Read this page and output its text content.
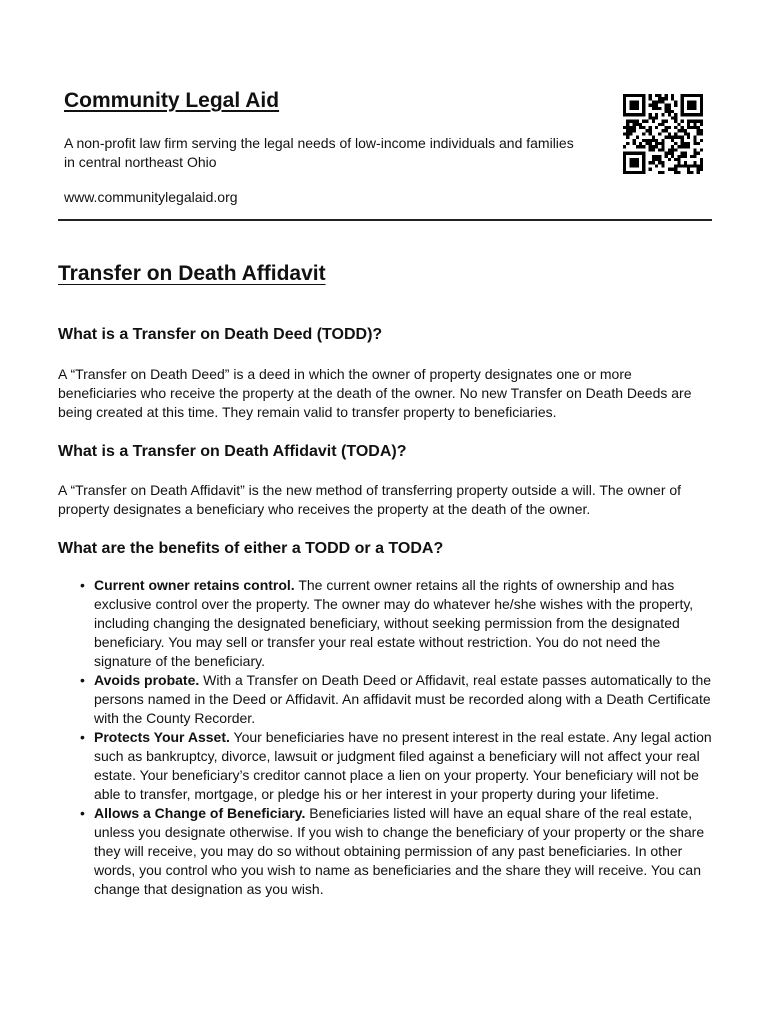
Community Legal Aid

A non-profit law firm serving the legal needs of low-income individuals and families in central northeast Ohio

www.communitylegalaid.org

Transfer on Death Affidavit
What is a Transfer on Death Deed (TODD)?

A “Transfer on Death Deed” is a deed in which the owner of property designates one or more beneficiaries who receive the property at the death of the owner. No new Transfer on Death Deeds are being created at this time. They remain valid to transfer property to beneficiaries.

What is a Transfer on Death Affidavit (TODA)?

A “Transfer on Death Affidavit” is the new method of transferring property outside a will. The owner of property designates a beneficiary who receives the property at the death of the owner.

What are the benefits of either a TODD or a TODA?
• Current owner retains control. The current owner retains all the rights of ownership and has exclusive control over the property. The owner may do whatever he/she wishes with the property, including changing the designated beneficiary, without seeking permission from the designated beneficiary. You may sell or transfer your real estate without restriction. You do not need the signature of the beneficiary.
• Avoids probate. With a Transfer on Death Deed or Affidavit, real estate passes automatically to the persons named in the Deed or Affidavit. An affidavit must be recorded along with a Death Certificate with the County Recorder.
• Protects Your Asset. Your beneficiaries have no present interest in the real estate. Any legal action such as bankruptcy, divorce, lawsuit or judgment filed against a beneficiary will not affect your real estate. Your beneficiary’s creditor cannot place a lien on your property. Your beneficiary will not be able to transfer, mortgage, or pledge his or her interest in your property during your lifetime.
• Allows a Change of Beneficiary. Beneficiaries listed will have an equal share of the real estate, unless you designate otherwise. If you wish to change the beneficiary of your property or the share they will receive, you may do so without obtaining permission of any past beneficiaries. In other words, you control who you wish to name as beneficiaries and the share they will receive. You can change that designation as you wish.
